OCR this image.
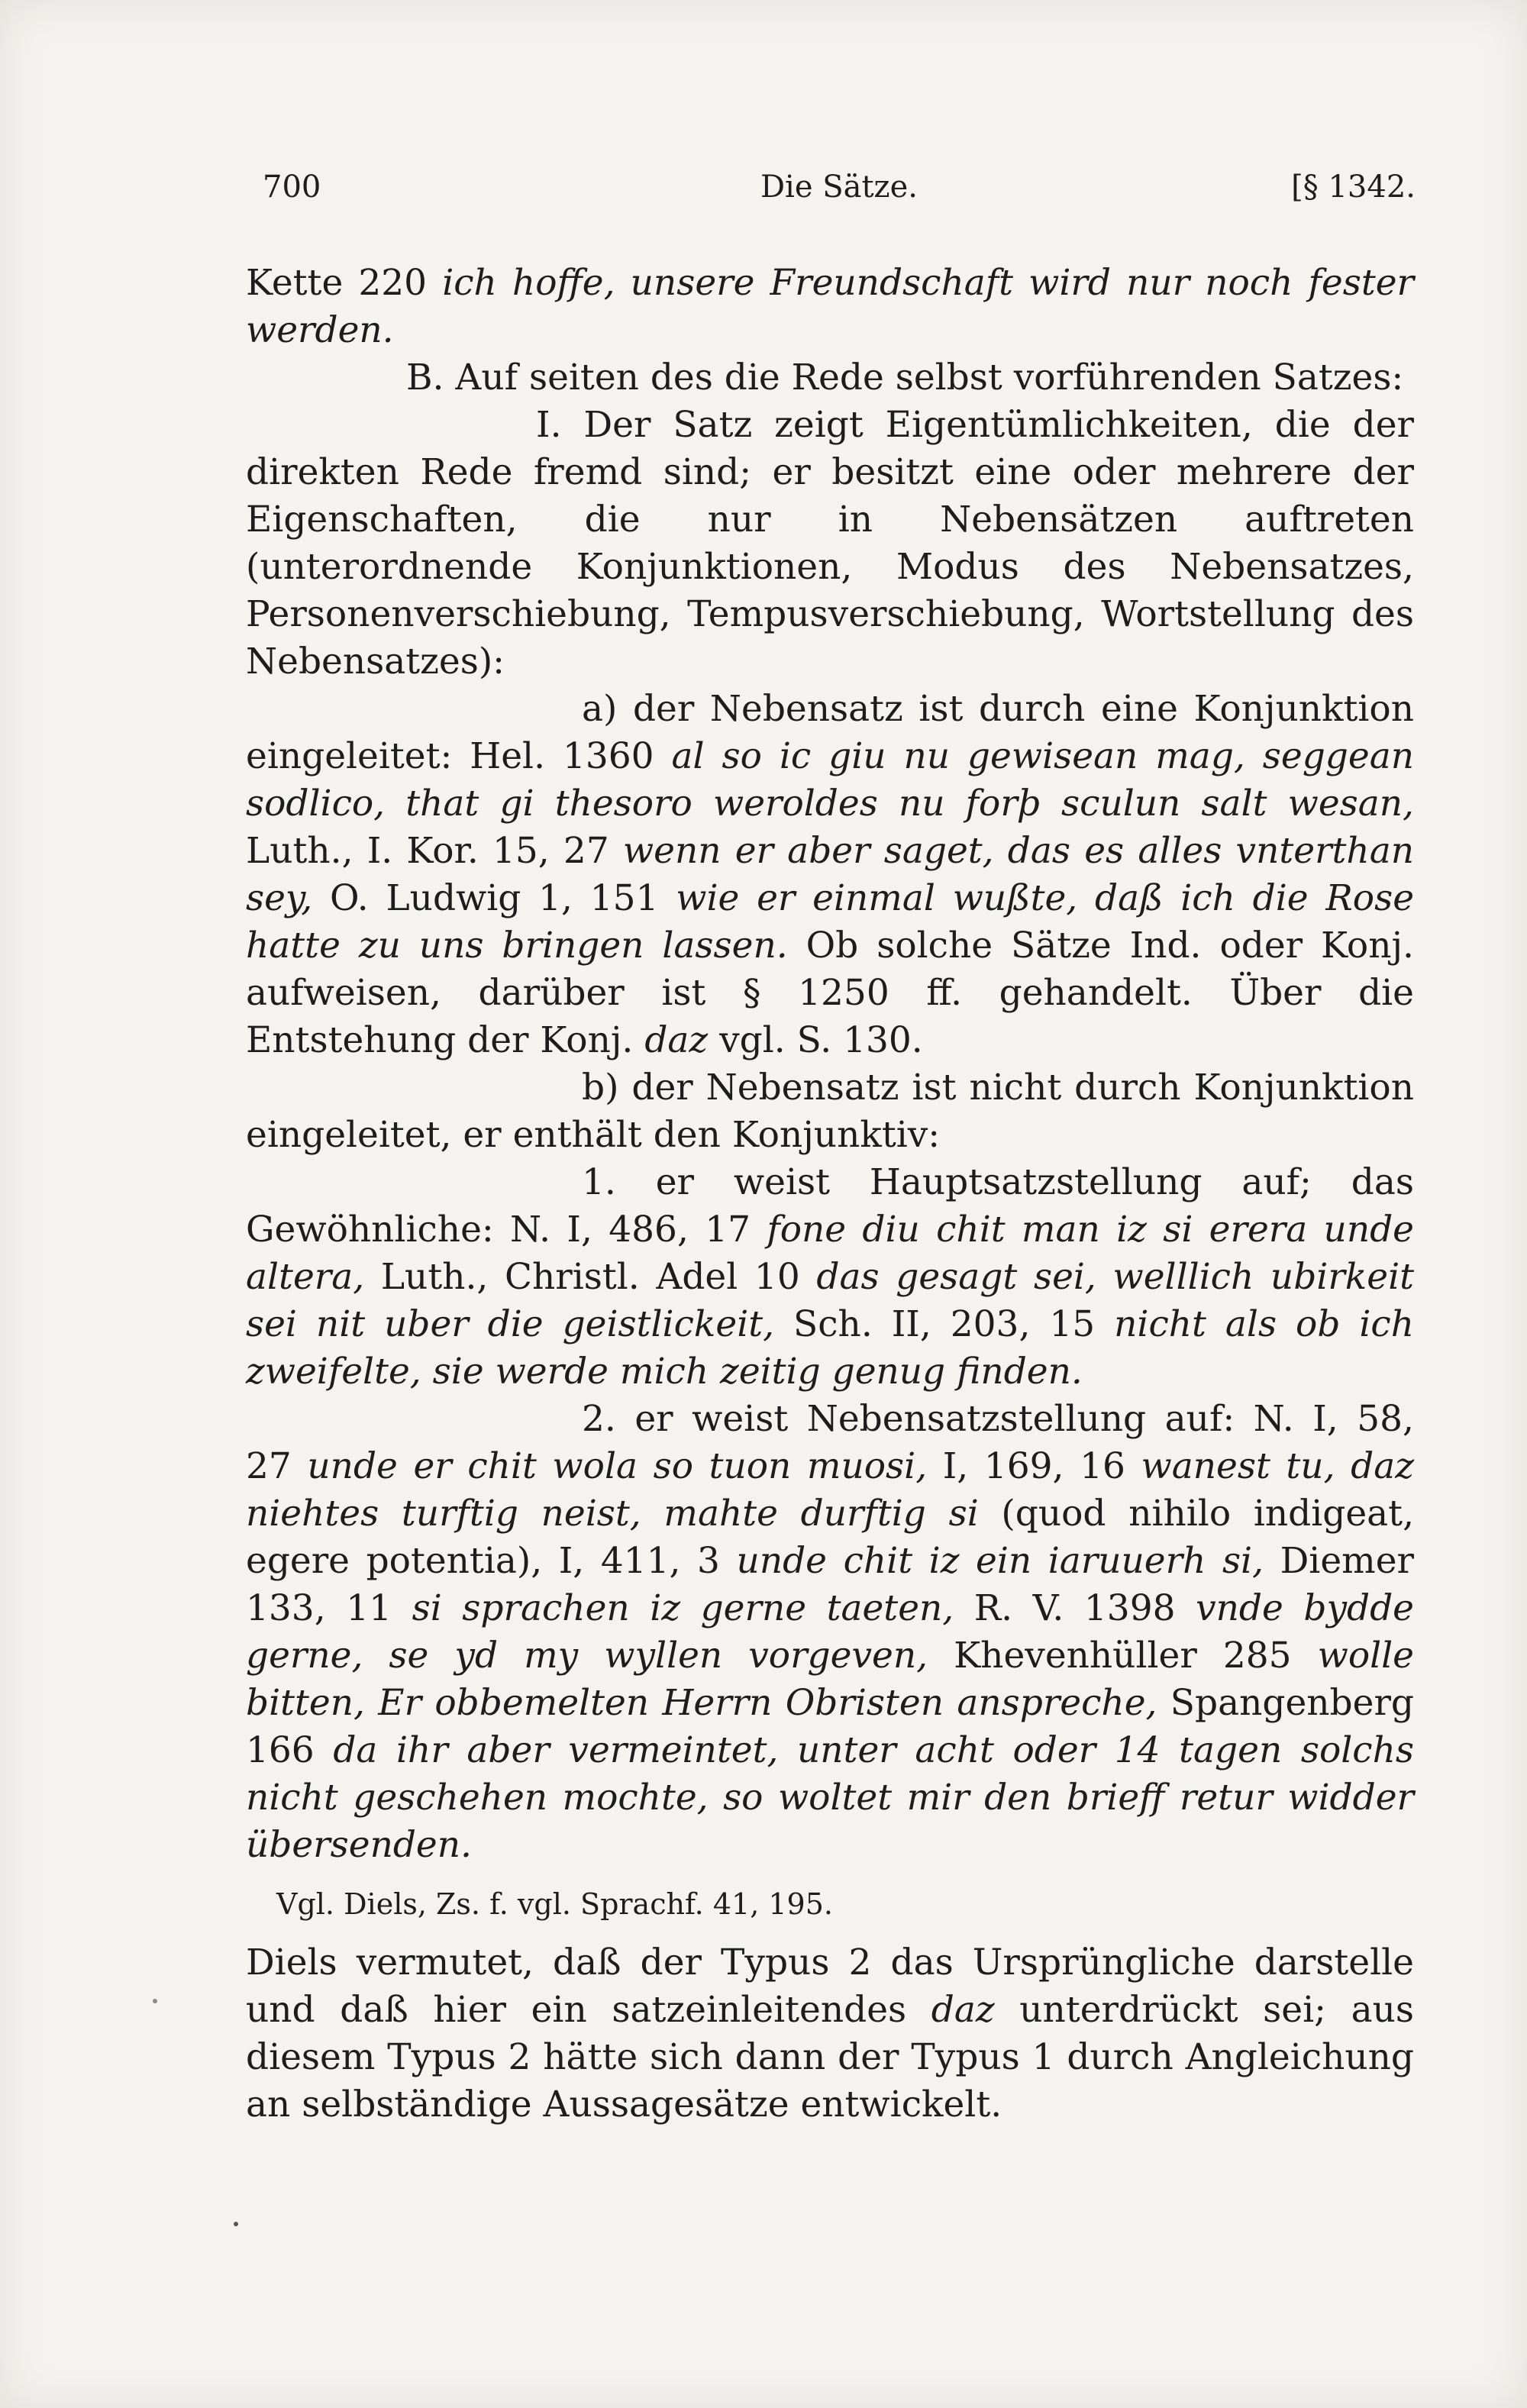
700	Die Sätze.	[§ 1342.

Kette 220 ich hoffe, unsere Freundschaft wird nur noch fester werden.

B. Auf seiten des die Rede selbst vorführenden Satzes:

I. Der Satz zeigt Eigentümlichkeiten, die der direkten Rede fremd sind; er besitzt eine oder mehrere der Eigenschaften, die nur in Nebensätzen auftreten (unterordnende Konjunktionen, Modus des Nebensatzes, Personenverschiebung, Tempusverschiebung, Wortstellung des Nebensatzes):

a) der Nebensatz ist durch eine Konjunktion eingeleitet: Hel. 1360 al so ic giu nu gewisean mag, seggean sodlico, that gi thesoro weroldes nu forþ sculun salt wesan, Luth., I. Kor. 15, 27 wenn er aber saget, das es alles vnterthan sey, O. Ludwig 1, 151 wie er einmal wußte, daß ich die Rose hatte zu uns bringen lassen. Ob solche Sätze Ind. oder Konj. aufweisen, darüber ist § 1250 ff. gehandelt. Über die Entstehung der Konj. daz vgl. S. 130.

b) der Nebensatz ist nicht durch Konjunktion eingeleitet, er enthält den Konjunktiv:

1. er weist Hauptsatzstellung auf; das Gewöhnliche: N. I, 486, 17 fone diu chit man iz si erera unde altera, Luth., Christl. Adel 10 das gesagt sei, welllich ubirkeit sei nit uber die geistlickeit, Sch. II, 203, 15 nicht als ob ich zweifelte, sie werde mich zeitig genug finden.

2. er weist Nebensatzstellung auf: N. I, 58, 27 unde er chit wola so tuon muosi, I, 169, 16 wanest tu, daz niehtes turftig neist, mahte durftig si (quod nihilo indigeat, egere potentia), I, 411, 3 unde chit iz ein iaruuerh si, Diemer 133, 11 si sprachen iz gerne taeten, R. V. 1398 vnde bydde gerne, se yd my wyllen vorgeven, Khevenhüller 285 wolle bitten, Er obbemelten Herrn Obristen anspreche, Spangenberg 166 da ihr aber vermeintet, unter acht oder 14 tagen solchs nicht geschehen mochte, so woltet mir den brieff retur widder übersenden.

Vgl. Diels, Zs. f. vgl. Sprachf. 41, 195.

Diels vermutet, daß der Typus 2 das Ursprüngliche darstelle und daß hier ein satzeinleitendes daz unterdrückt sei; aus diesem Typus 2 hätte sich dann der Typus 1 durch Angleichung an selbständige Aussagesätze entwickelt.
